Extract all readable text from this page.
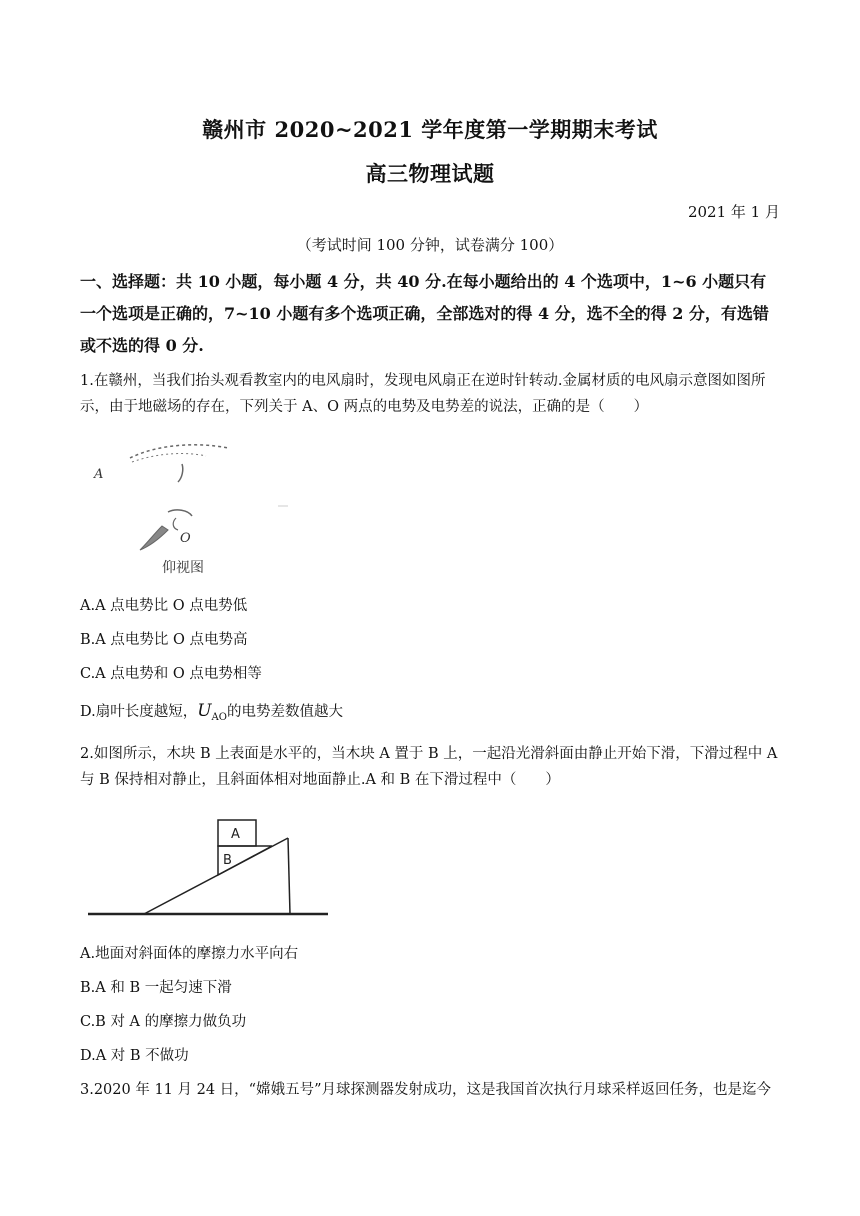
赣州市 2020~2021 学年度第一学期期末考试
高三物理试题
2021 年 1 月
（考试时间 100 分钟，试卷满分 100）
一、选择题：共 10 小题，每小题 4 分，共 40 分.在每小题给出的 4 个选项中，1~6 小题只有一个选项是正确的，7~10 小题有多个选项正确，全部选对的得 4 分，选不全的得 2 分，有选错或不选的得 0 分.
1.在赣州，当我们抬头观看教室内的电风扇时，发现电风扇正在逆时针转动.金属材质的电风扇示意图如图所示，由于地磁场的存在，下列关于 A、O 两点的电势及电势差的说法，正确的是（　　）
A
O
仰视图
A.A 点电势比 O 点电势低
B.A 点电势比 O 点电势高
C.A 点电势和 O 点电势相等
D.扇叶长度越短，$U_{AO}$的电势差数值越大
2.如图所示，木块 B 上表面是水平的，当木块 A 置于 B 上，一起沿光滑斜面由静止开始下滑，下滑过程中 A 与 B 保持相对静止，且斜面体相对地面静止.A 和 B 在下滑过程中（　　）
A
B
A.地面对斜面体的摩擦力水平向右
B.A 和 B 一起匀速下滑
C.B 对 A 的摩擦力做负功
D.A 对 B 不做功
3.2020 年 11 月 24 日，“嫦娥五号”月球探测器发射成功，这是我国首次执行月球采样返回任务，也是迄今
